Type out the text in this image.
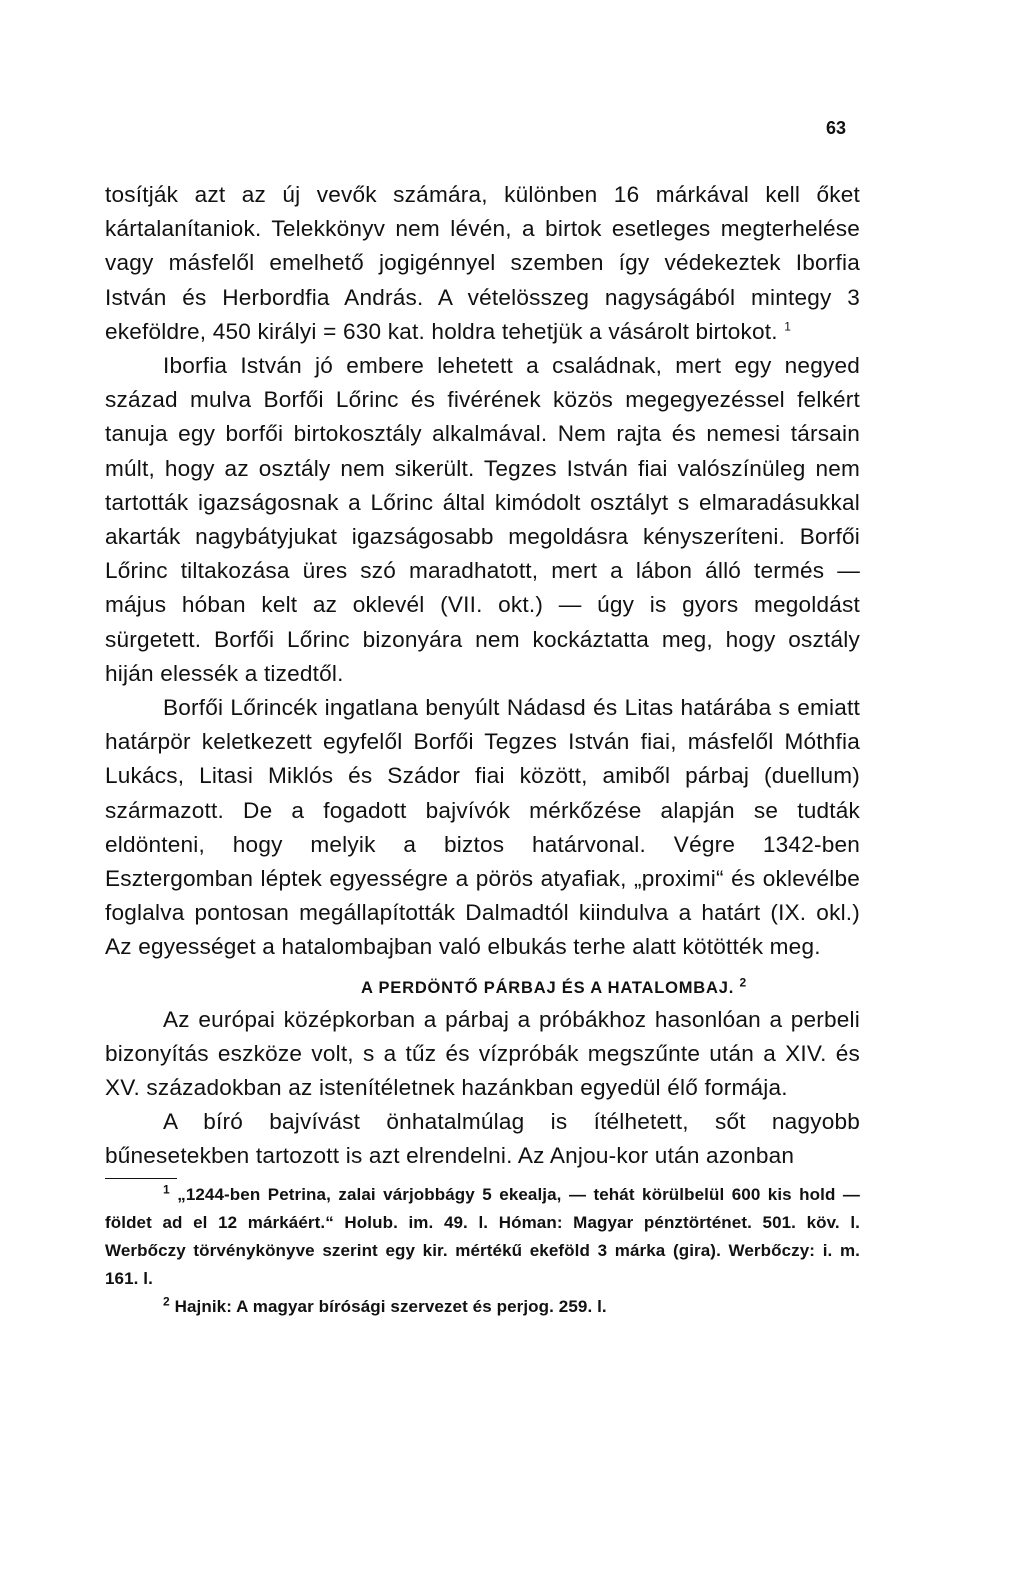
63

tosítják azt az új vevők számára, különben 16 márkával kell őket kártalanítaniok. Telekkönyv nem lévén, a birtok esetleges megterhelése vagy másfelől emelhető jogigénnyel szemben így védekeztek Iborfia István és Herbordfia András. A vételösszeg nagyságából mintegy 3 ekeföldre, 450 királyi = 630 kat. holdra tehetjük a vásárolt birtokot. $^1$

Iborfia István jó embere lehetett a családnak, mert egy negyed század mulva Borfői Lőrinc és fivérének közös megegyezéssel felkért tanuja egy borfői birtokosztály alkalmával. Nem rajta és nemesi társain múlt, hogy az osztály nem sikerült. Tegzes István fiai valószínüleg nem tartották igazságosnak a Lőrinc által kimódolt osztályt s elmaradásukkal akarták nagybátyjukat igazságosabb megoldásra kényszeríteni. Borfői Lőrinc tiltakozása üres szó maradhatott, mert a lábon álló termés — május hóban kelt az oklevél (VII. okt.) — úgy is gyors megoldást sürgetett. Borfői Lőrinc bizonyára nem kockáztatta meg, hogy osztály hiján elessék a tizedtől.

Borfői Lőrincék ingatlana benyúlt Nádasd és Litas határába s emiatt határpör keletkezett egyfelől Borfői Tegzes István fiai, másfelől Móthfia Lukács, Litasi Miklós és Szádor fiai között, amiből párbaj (duellum) származott. De a fogadott bajvívók mérkőzése alapján se tudták eldönteni, hogy melyik a biztos határvonal. Végre 1342-ben Esztergomban léptek egyességre a pörös atyafiak, „proximi“ és oklevélbe foglalva pontosan megállapították Dalmadtól kiindulva a határt (IX. okl.) Az egyességet a hatalombajban való elbukás terhe alatt kötötték meg.

A PERDÖNTŐ PÁRBAJ ÉS A HATALOMBAJ. $^2$

Az európai középkorban a párbaj a próbákhoz hasonlóan a perbeli bizonyítás eszköze volt, s a tűz és vízpróbák megszűnte után a XIV. és XV. századokban az istenítéletnek hazánkban egyedül élő formája.

A bíró bajvívást önhatalmúlag is ítélhetett, sőt nagyobb bűnesetekben tartozott is azt elrendelni. Az Anjou-kor után azonban

$^1$ „1244-ben Petrina, zalai várjobbágy 5 ekealja, — tehát körülbelül 600 kis hold — földet ad el 12 márkáért.“ Holub. im. 49. l. Hóman: Magyar pénztörténet. 501. köv. l. Werbőczy törvénykönyve szerint egy kir. mértékű ekeföld 3 márka (gira). Werbőczy: i. m. 161. l.

$^2$ Hajnik: A magyar bírósági szervezet és perjog. 259. l.
